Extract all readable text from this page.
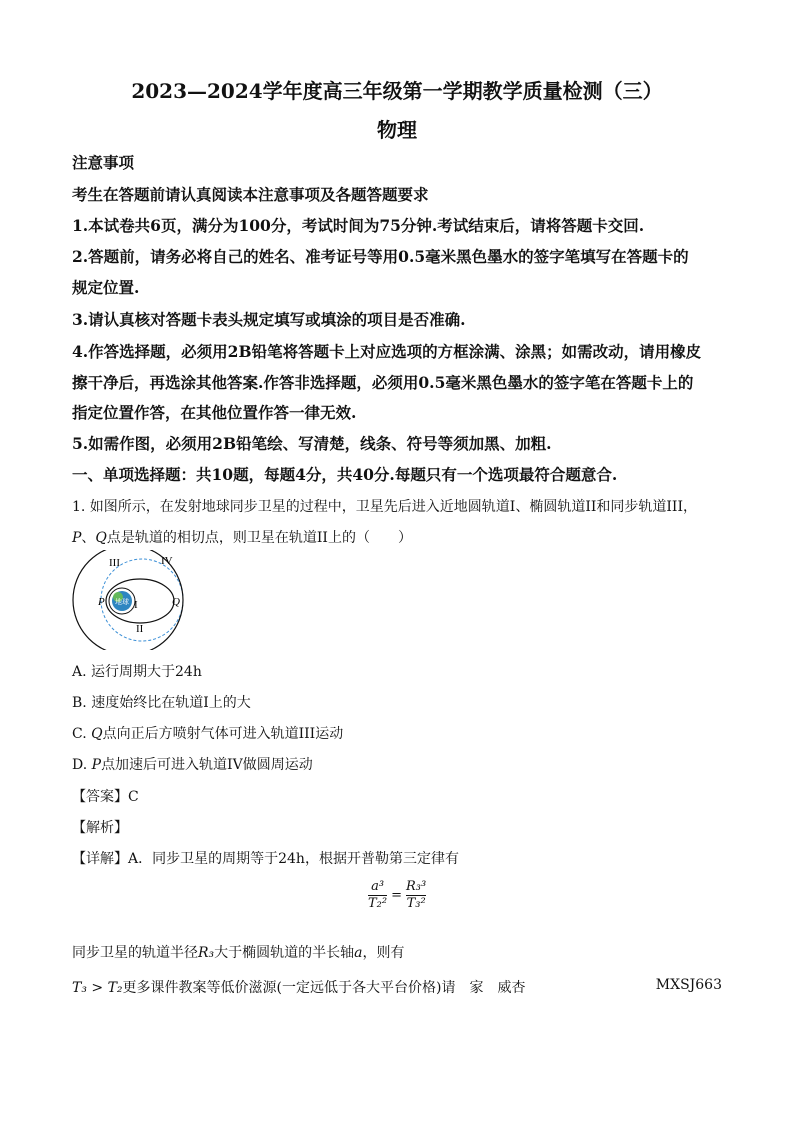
2023—2024学年度高三年级第一学期教学质量检测（三）
物理
注意事项
考生在答题前请认真阅读本注意事项及各题答题要求
1.本试卷共6页，满分为100分，考试时间为75分钟.考试结束后，请将答题卡交回.
2.答题前，请务必将自己的姓名、准考证号等用0.5毫米黑色墨水的签字笔填写在答题卡的
规定位置.
3.请认真核对答题卡表头规定填写或填涂的项目是否准确.
4.作答选择题，必须用2B铅笔将答题卡上对应选项的方框涂满、涂黑；如需改动，请用橡皮
擦干净后，再选涂其他答案.作答非选择题，必须用0.5毫米黑色墨水的签字笔在答题卡上的
指定位置作答，在其他位置作答一律无效.
5.如需作图，必须用2B铅笔绘、写清楚，线条、符号等须加黑、加粗.
一、单项选择题：共10题，每题4分，共40分.每题只有一个选项最符合题意合.
1. 如图所示，在发射地球同步卫星的过程中，卫星先后进入近地圆轨道I、椭圆轨道II和同步轨道III，
P、Q点是轨道的相切点，则卫星在轨道II上的（　　）
地球
III	IV
P	Q
I
II
A. 运行周期大于24h
B. 速度始终比在轨道I上的大
C. Q点向正后方喷射气体可进入轨道III运动
D. P点加速后可进入轨道IV做圆周运动
【答案】C
【解析】
【详解】A．同步卫星的周期等于24h，根据开普勒第三定律有
$\frac{\text{a³}}{\text{T₂²}} = \frac{\text{R₃³}}{\text{T₃²}}$
同步卫星的轨道半径R₃大于椭圆轨道的半长轴a，则有
T₃ > T₂更多课件教案等低价滋源(一定远低于各大平台价格)请　家　威杏	MXSJ663
